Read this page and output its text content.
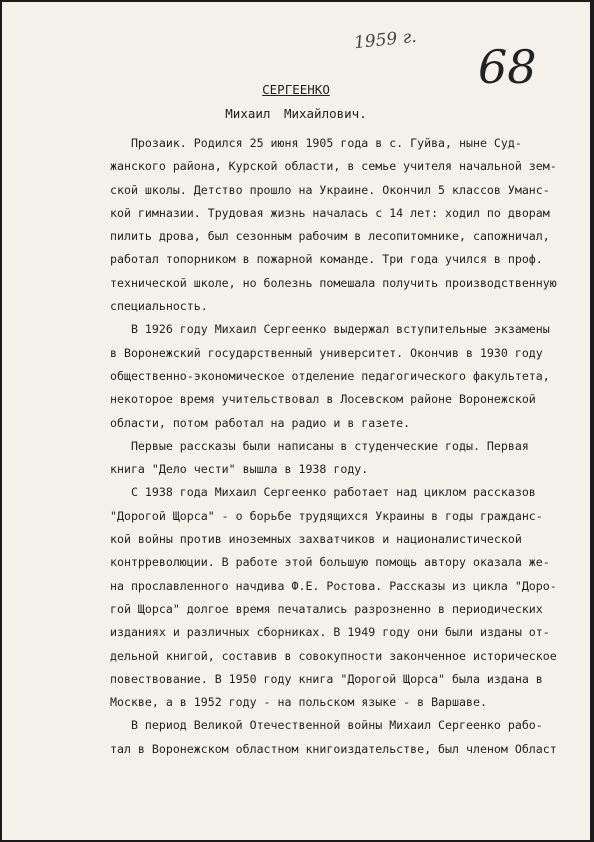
1959 г.
68
СЕРГЕЕНКО
Михаил Михайлович.
Прозаик. Родился 25 июня 1905 года в с. Гуйва, ныне Суд-
жанского района, Курской области, в семье учителя начальной зем-
ской школы. Детство прошло на Украине. Окончил 5 классов Уманс-
кой гимназии. Трудовая жизнь началась с 14 лет: ходил по дворам
пилить дрова, был сезонным рабочим в лесопитомнике, сапожничал,
работал топорником в пожарной команде. Три года учился в проф.
технической школе, но болезнь помешала получить производственную
специальность.
В 1926 году Михаил Сергеенко выдержал вступительные экзамены
в Воронежский государственный университет. Окончив в 1930 году
общественно-экономическое отделение педагогического факультета,
некоторое время учительствовал в Лосевском районе Воронежской
области, потом работал на радио и в газете.
Первые рассказы были написаны в студенческие годы. Первая
книга "Дело чести" вышла в 1938 году.
С 1938 года Михаил Сергеенко работает над циклом рассказов
"Дорогой Щорса" - о борьбе трудящихся Украины в годы гражданс-
кой войны против иноземных захватчиков и националистической
контрреволюции. В работе этой большую помощь автору оказала же-
на прославленного начдива Ф.Е. Ростова. Рассказы из цикла "Доро-
гой Щорса" долгое время печатались разрозненно в периодических
изданиях и различных сборниках. В 1949 году они были изданы от-
дельной книгой, составив в совокупности законченное историческое
повествование. В 1950 году книга "Дорогой Щорса" была издана в
Москве, а в 1952 году - на польском языке - в Варшаве.
В период Великой Отечественной войны Михаил Сергеенко рабо-
тал в Воронежском областном книгоиздательстве, был членом Област
